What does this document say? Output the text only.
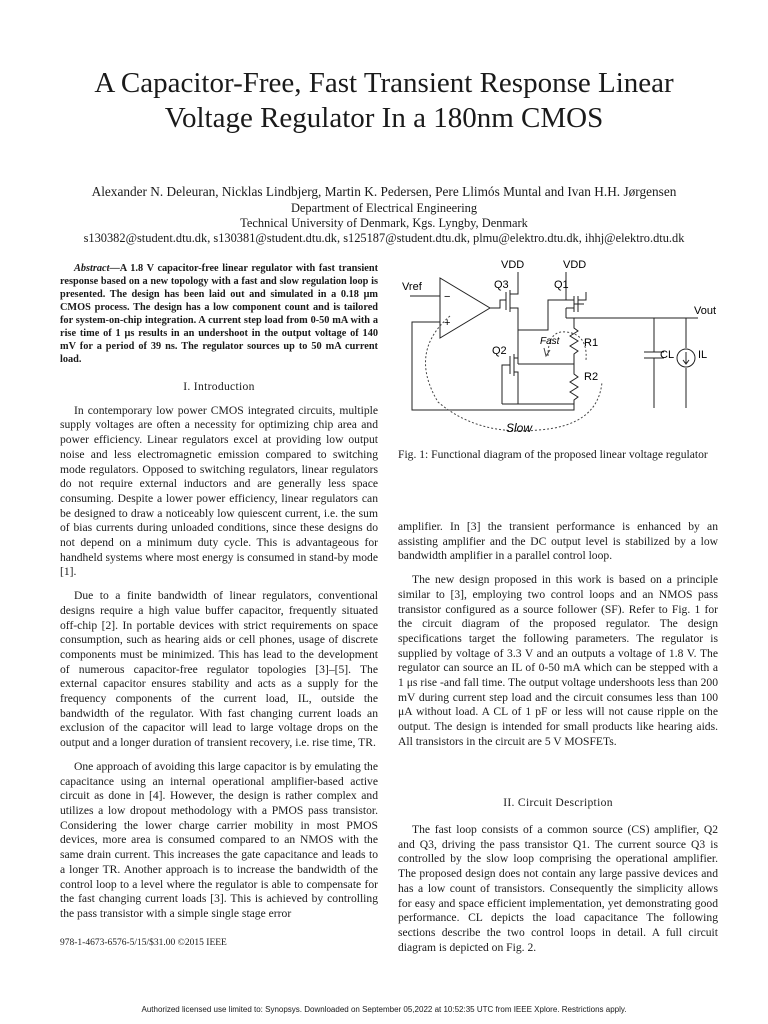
A Capacitor-Free, Fast Transient Response Linear
Voltage Regulator In a 180nm CMOS
Alexander N. Deleuran, Nicklas Lindbjerg, Martin K. Pedersen, Pere Llimós Muntal and Ivan H.H. Jørgensen
Department of Electrical Engineering
Technical University of Denmark, Kgs. Lyngby, Denmark
s130382@student.dtu.dk, s130381@student.dtu.dk, s125187@student.dtu.dk, plmu@elektro.dtu.dk, ihhj@elektro.dtu.dk

Abstract—A 1.8 V capacitor-free linear regulator with fast transient response based on a new topology with a fast and slow regulation loop is presented. The design has been laid out and simulated in a 0.18 μm CMOS process. The design has a low component count and is tailored for system-on-chip integration. A current step load from 0-50 mA with a rise time of 1 μs results in an undershoot in the output voltage of 140 mV for a period of 39 ns. The regulator sources up to 50 mA current load.

I. Introduction

In contemporary low power CMOS integrated circuits, multiple supply voltages are often a necessity for optimizing chip area and power efficiency. Linear regulators excel at providing low output noise and less electromagnetic emission compared to switching mode regulators. Opposed to switching regulators, linear regulators do not require external inductors and are generally less space consuming. Despite a lower power efficiency, linear regulators can be designed to draw a noticeably low quiescent current, i.e. the sum of bias currents during unloaded conditions, since these designs do not depend on a minimum duty cycle. This is advantageous for handheld systems where most energy is consumed in stand-by mode [1].

Due to a finite bandwidth of linear regulators, conventional designs require a high value buffer capacitor, frequently situated off-chip [2]. In portable devices with strict requirements on space consumption, such as hearing aids or cell phones, usage of discrete components must be minimized. This has lead to the development of numerous capacitor-free regulator topologies [3]–[5]. The external capacitor ensures stability and acts as a supply for the frequency components of the current load, IL, outside the bandwidth of the regulator. With fast changing current loads an exclusion of the capacitor will lead to large voltage drops on the output and a longer duration of transient recovery, i.e. rise time, TR.

One approach of avoiding this large capacitor is by emulating the capacitance using an internal operational amplifier-based active circuit as done in [4]. However, the design is rather complex and utilizes a low dropout methodology with a PMOS pass transistor. Considering the lower charge carrier mobility in most PMOS devices, more area is consumed compared to an NMOS with the same drain current. This increases the gate capacitance and leads to a longer TR. Another approach is to increase the bandwidth of the control loop to a level where the regulator is able to compensate for the fast changing current loads [3]. This is achieved by controlling the pass transistor with a simple single stage error

978-1-4673-6576-5/15/$31.00 ©2015 IEEE
VDD	VDD
Vref	Q3	Q1
Q2
R1
R2
CL IL
Vout
Fast
Slow
−
+
Fig. 1: Functional diagram of the proposed linear voltage regulator

amplifier. In [3] the transient performance is enhanced by an assisting amplifier and the DC output level is stabilized by a low bandwidth amplifier in a parallel control loop.

The new design proposed in this work is based on a principle similar to [3], employing two control loops and an NMOS pass transistor configured as a source follower (SF). Refer to Fig. 1 for the circuit diagram of the proposed regulator. The design specifications target the following parameters. The regulator is supplied by voltage of 3.3 V and an outputs a voltage of 1.8 V. The regulator can source an IL of 0-50 mA which can be stepped with a 1 μs rise -and fall time. The output voltage undershoots less than 200 mV during current step load and the circuit consumes less than 100 μA without load. A CL of 1 pF or less will not cause ripple on the output. The design is intended for small products like hearing aids. All transistors in the circuit are 5 V MOSFETs.

II. Circuit Description

The fast loop consists of a common source (CS) amplifier, Q2 and Q3, driving the pass transistor Q1. The current source Q3 is controlled by the slow loop comprising the operational amplifier. The proposed design does not contain any large passive devices and has a low count of transistors. Consequently the simplicity allows for easy and space efficient implementation, yet demonstrating good performance. CL depicts the load capacitance The following sections describe the two control loops in detail. A full circuit diagram is depicted on Fig. 2.

Authorized licensed use limited to: Synopsys. Downloaded on September 05,2022 at 10:52:35 UTC from IEEE Xplore. Restrictions apply.
